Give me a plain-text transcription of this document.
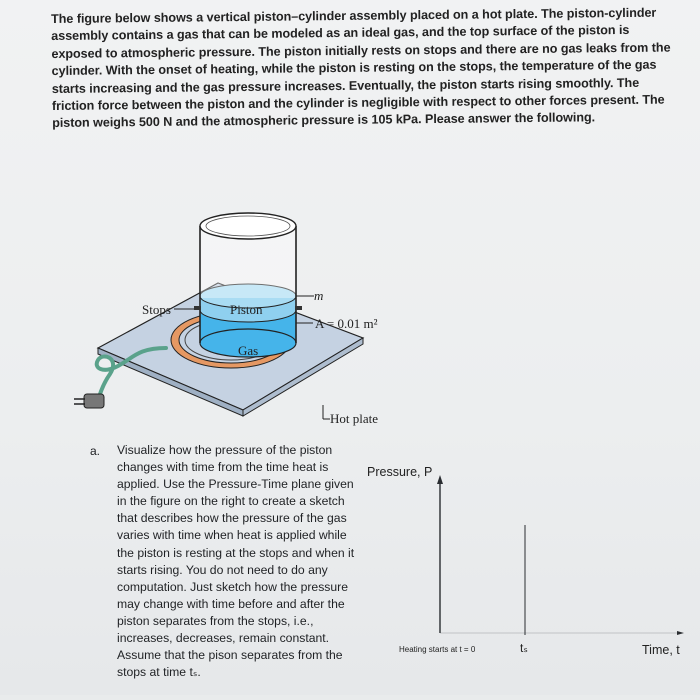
The figure below shows a vertical piston–cylinder assembly placed on a hot plate. The piston-cylinder assembly contains a gas that can be modeled as an ideal gas, and the top surface of the piston is exposed to atmospheric pressure. The piston initially rests on stops and there are no gas leaks from the cylinder. With the onset of heating, while the piston is resting on the stops, the temperature of the gas starts increasing and the gas pressure increases. Eventually, the piston starts rising smoothly. The friction force between the piston and the cylinder is negligible with respect to other forces present. The piston weighs 500 N and the atmospheric pressure is 105 kPa. Please answer the following.
Stops	Piston
m
A = 0.01 m²
Gas
Hot plate
a. Visualize how the pressure of the piston changes with time from the time heat is applied. Use the Pressure-Time plane given in the figure on the right to create a sketch that describes how the pressure of the gas varies with time when heat is applied while the piston is resting at the stops and when it starts rising. You do not need to do any computation. Just sketch how the pressure may change with time before and after the piston separates from the stops, i.e., increases, decreases, remain constant. Assume that the pison separates from the stops at time tₛ.
Pressure, P
Time, t
Heating starts at t = 0	tₛ
